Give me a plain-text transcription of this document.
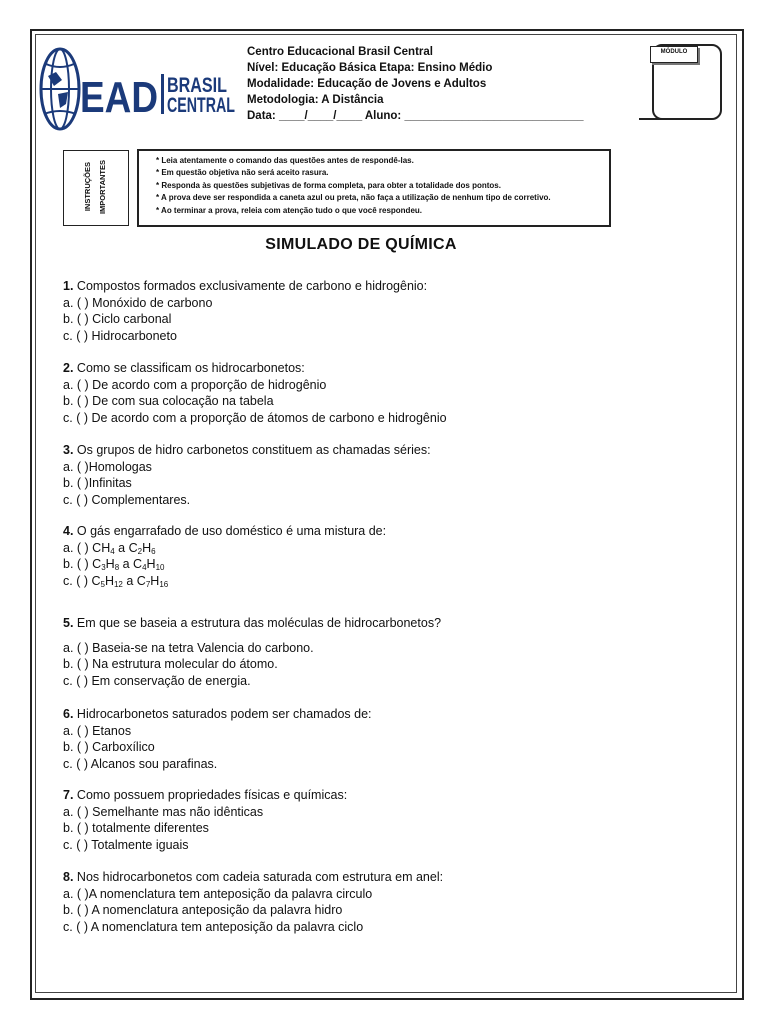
EAD BRASIL
CENTRAL
Centro Educacional Brasil Central
Nível: Educação Básica Etapa: Ensino Médio
Modalidade: Educação de Jovens e Adultos
Metodologia: A Distância
Data: ____/____/____ Aluno: ____________________________
MÓDULO
INSTRUÇÕES IMPORTANTES	* Leia atentamente o comando das questões antes de respondê-las.
* Em questão objetiva não será aceito rasura.
* Responda às questões subjetivas de forma completa, para obter a totalidade dos pontos.
* A prova deve ser respondida a caneta azul ou preta, não faça a utilização de nenhum tipo de corretivo.
* Ao terminar a prova, releia com atenção tudo o que você respondeu.
SIMULADO DE QUÍMICA
1. Compostos formados exclusivamente de carbono e hidrogênio:
a. ( ) Monóxido de carbono
b. ( ) Ciclo carbonal
c. ( ) Hidrocarboneto
2. Como se classificam os hidrocarbonetos:
a. ( ) De acordo com a proporção de hidrogênio
b. ( ) De com sua colocação na tabela
c. ( ) De acordo com a proporção de átomos de carbono e hidrogênio
3. Os grupos de hidro carbonetos constituem as chamadas séries:
a. ( )Homologas
b. ( )Infinitas
c. ( ) Complementares.
4. O gás engarrafado de uso doméstico é uma mistura de:
a. ( ) $CH_4$ a $C_2H_6$
b. ( ) $C_3H_8$ a $C_4H_{10}$
c. ( ) $C_5H_{12}$ a $C_7H_{16}$
5. Em que se baseia a estrutura das moléculas de hidrocarbonetos?
a. ( ) Baseia-se na tetra Valencia do carbono.
b. ( ) Na estrutura molecular do átomo.
c. ( ) Em conservação de energia.
6. Hidrocarbonetos saturados podem ser chamados de:
a. ( ) Etanos
b. ( ) Carboxílico
c. ( ) Alcanos sou parafinas.
7. Como possuem propriedades físicas e químicas:
a. ( ) Semelhante mas não idênticas
b. ( ) totalmente diferentes
c. ( ) Totalmente iguais
8. Nos hidrocarbonetos com cadeia saturada com estrutura em anel:
a. ( )A nomenclatura tem anteposição da palavra circulo
b. ( ) A nomenclatura anteposição da palavra hidro
c. ( ) A nomenclatura tem anteposição da palavra ciclo
